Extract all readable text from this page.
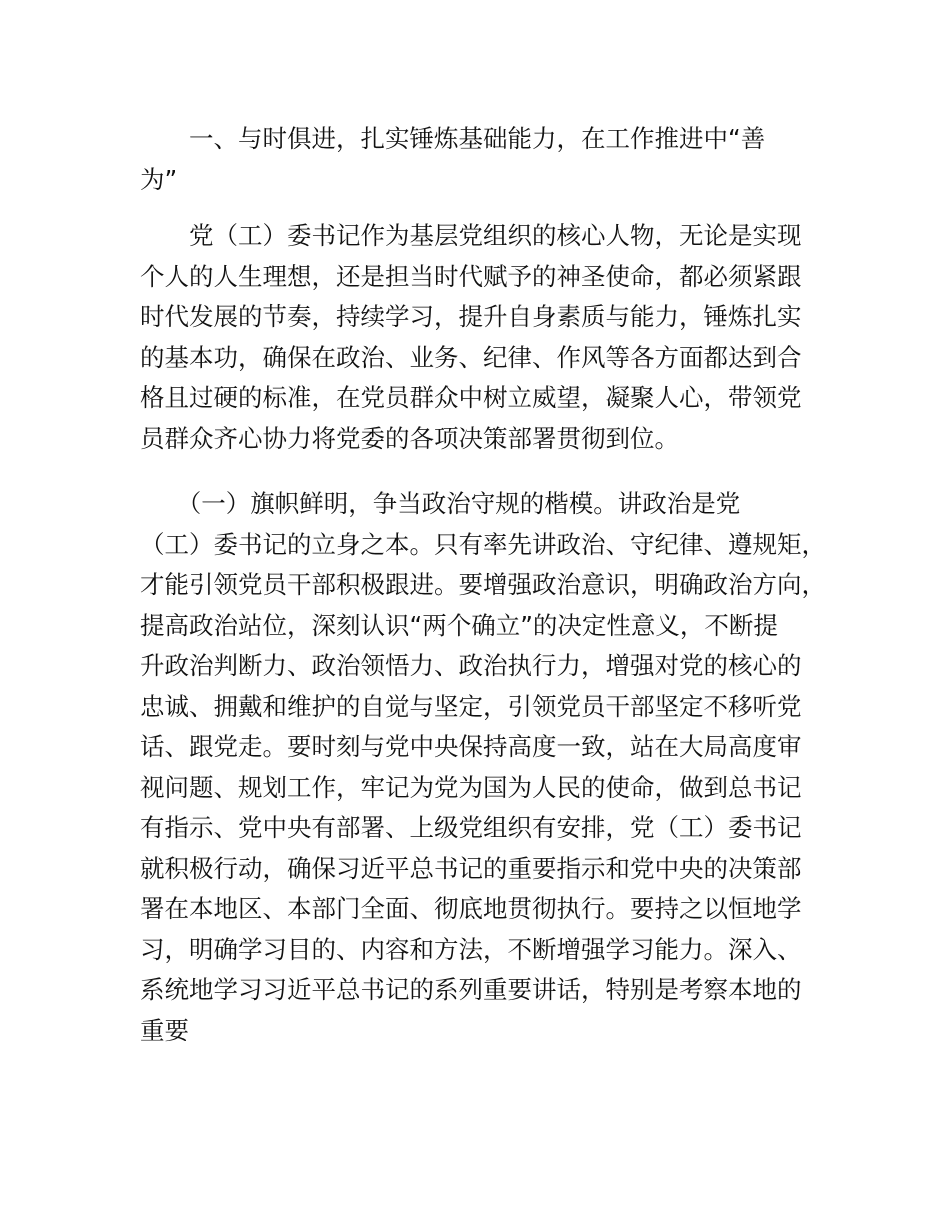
　　一、与时俱进，扎实锤炼基础能力，在工作推进中“善
为”

　　党（工）委书记作为基层党组织的核心人物，无论是实现
个人的人生理想，还是担当时代赋予的神圣使命，都必须紧跟
时代发展的节奏，持续学习，提升自身素质与能力，锤炼扎实
的基本功，确保在政治、业务、纪律、作风等各方面都达到合
格且过硬的标准，在党员群众中树立威望，凝聚人心，带领党
员群众齐心协力将党委的各项决策部署贯彻到位。

　　（一）旗帜鲜明，争当政治守规的楷模。讲政治是党
（工）委书记的立身之本。只有率先讲政治、守纪律、遵规矩，
才能引领党员干部积极跟进。要增强政治意识，明确政治方向，
提高政治站位，深刻认识“两个确立”的决定性意义，不断提
升政治判断力、政治领悟力、政治执行力，增强对党的核心的
忠诚、拥戴和维护的自觉与坚定，引领党员干部坚定不移听党
话、跟党走。要时刻与党中央保持高度一致，站在大局高度审
视问题、规划工作，牢记为党为国为人民的使命，做到总书记
有指示、党中央有部署、上级党组织有安排，党（工）委书记
就积极行动，确保习近平总书记的重要指示和党中央的决策部
署在本地区、本部门全面、彻底地贯彻执行。要持之以恒地学
习，明确学习目的、内容和方法，不断增强学习能力。深入、
系统地学习习近平总书记的系列重要讲话，特别是考察本地的
重要
